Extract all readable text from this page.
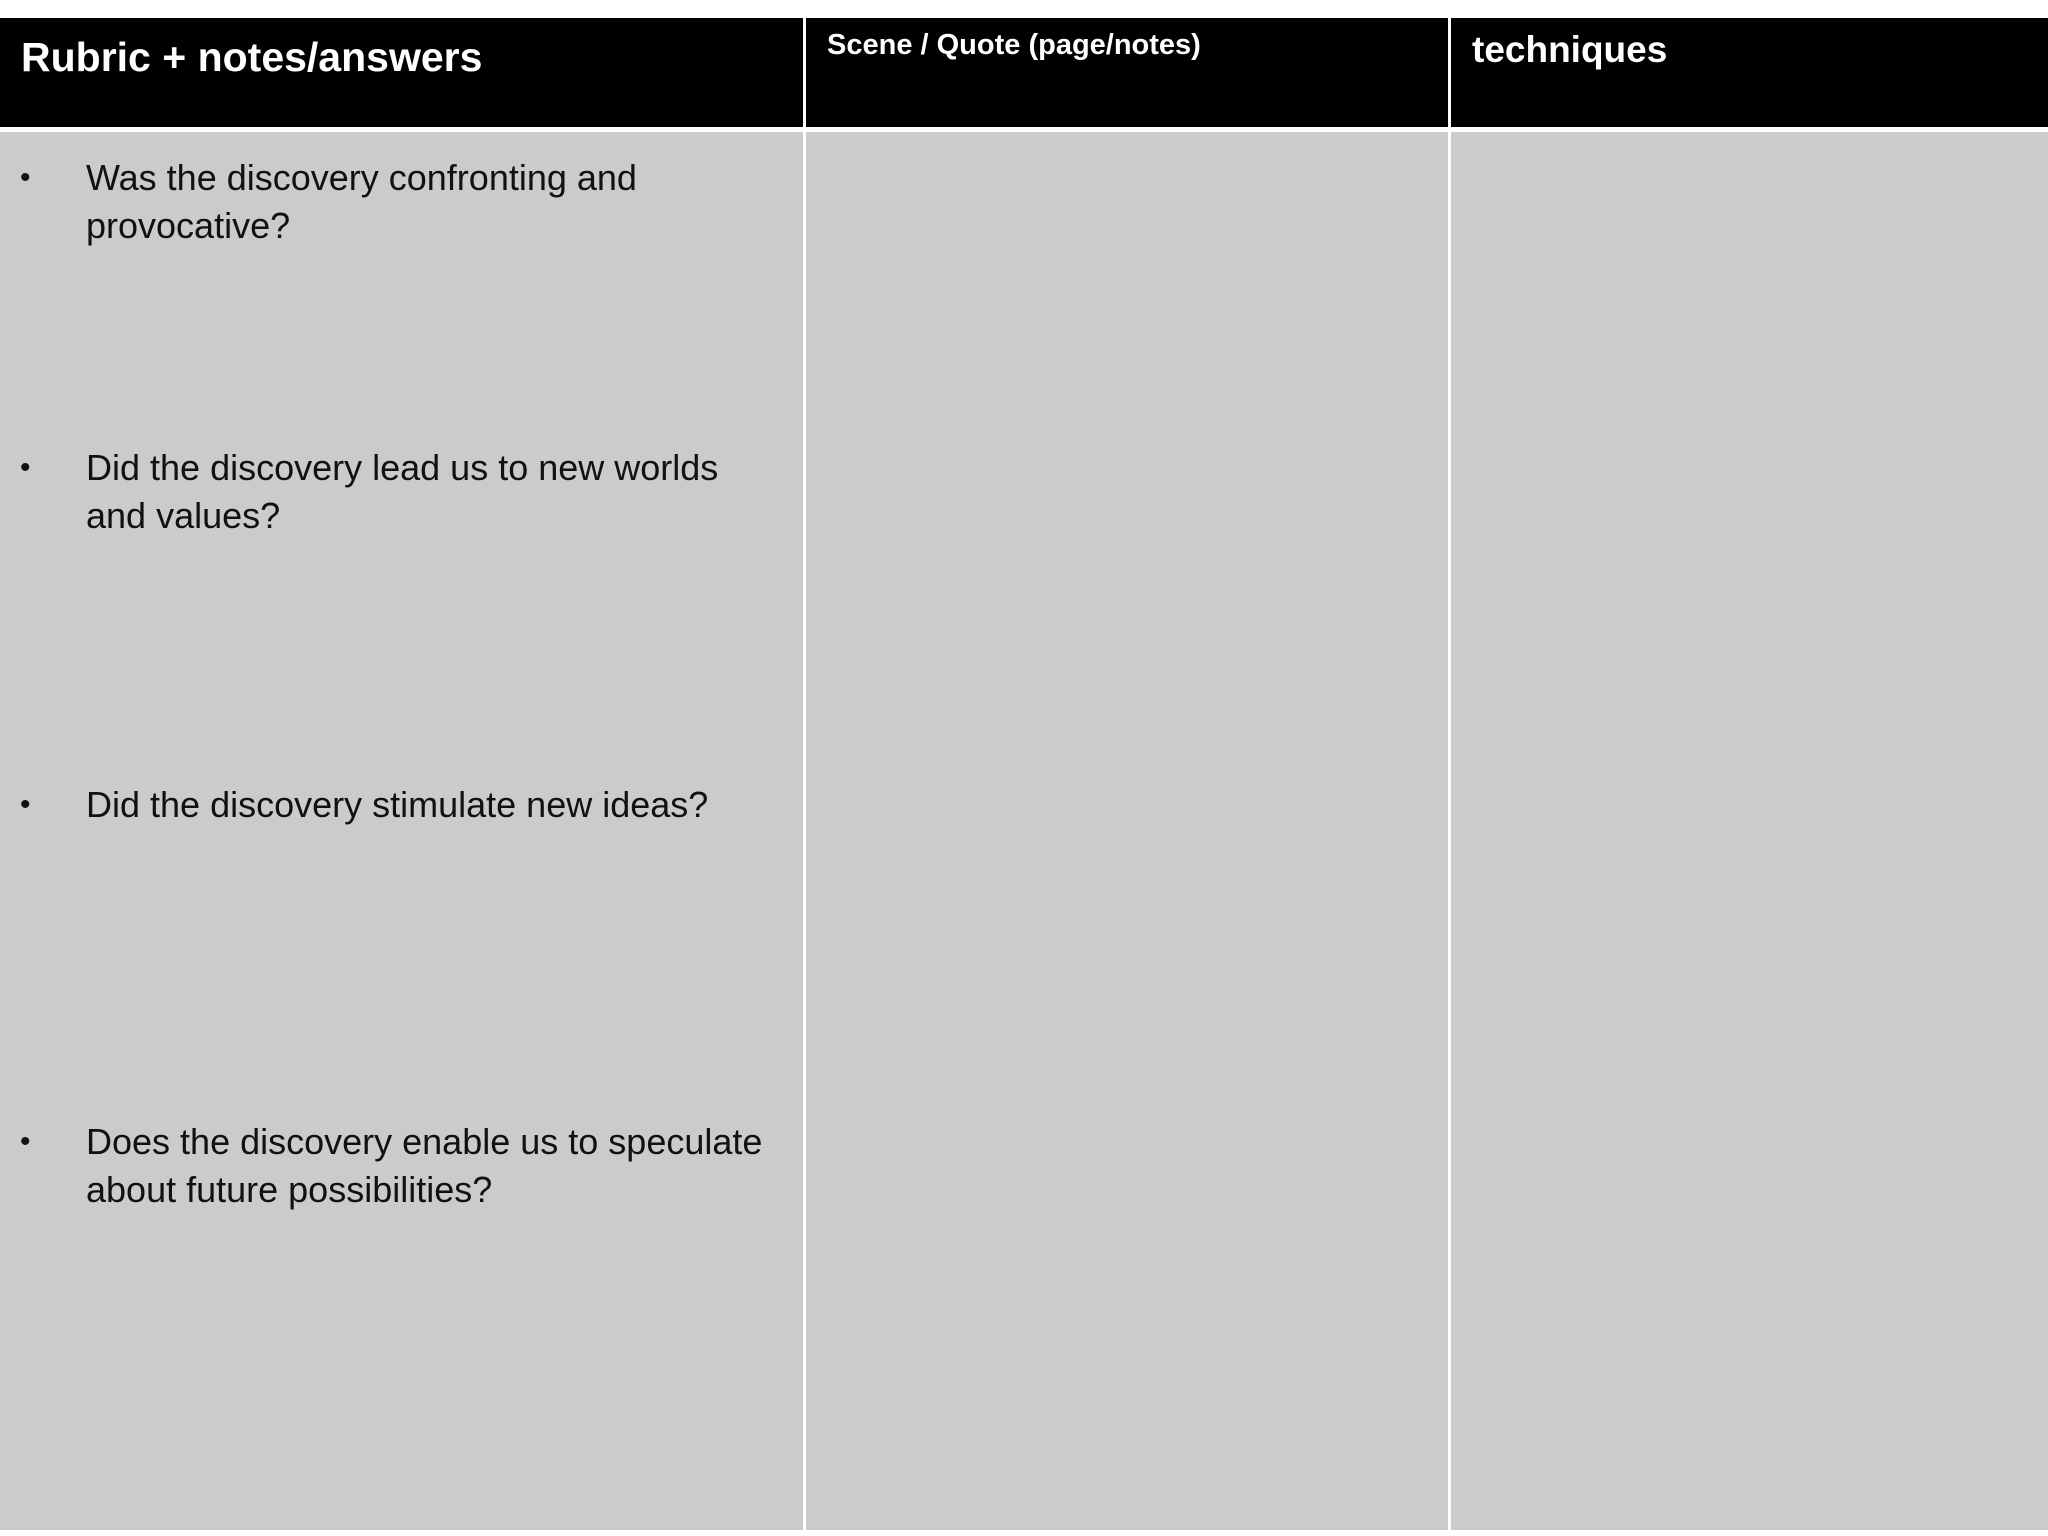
Rubric + notes/answers	Scene / Quote (page/notes)	techniques
• Was the discovery confronting and provocative?
• Did the discovery lead us to new worlds and values?
• Did the discovery stimulate new ideas?
• Does the discovery enable us to speculate about future possibilities?
